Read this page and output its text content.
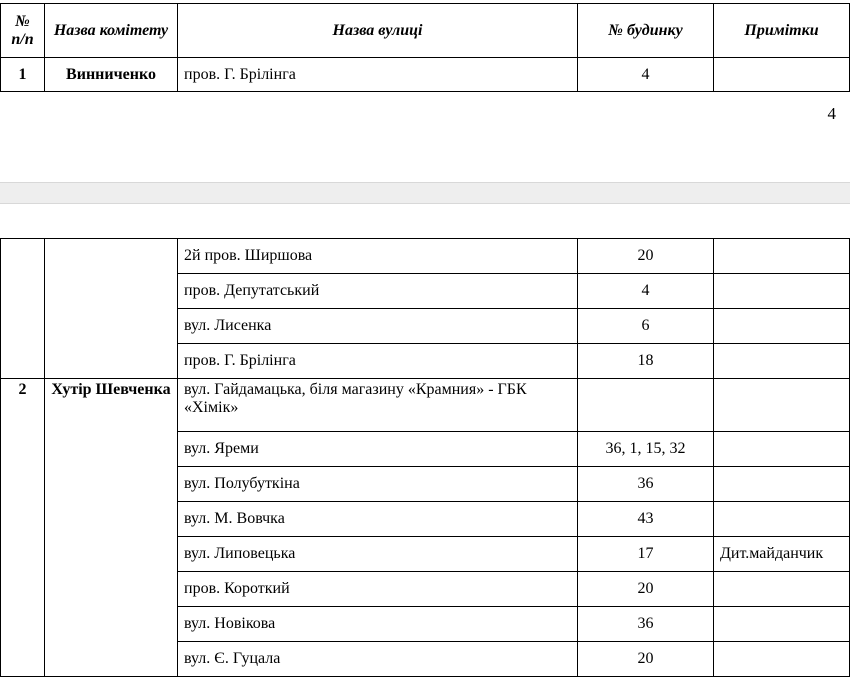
№ п/п	Назва комітету	Назва вулиці	№ будинку	Примітки
1	Винниченко	пров. Г. Брілінга	4	
4
		2й пров. Ширшова	20	
		пров. Депутатський	4	
		вул. Лисенка	6	
		пров. Г. Брілінга	18	
2	Хутір Шевченка	вул. Гайдамацька, біля магазину «Крамния» - ГБК «Хімік»		
		вул. Яреми	36, 1, 15, 32	
		вул. Полубуткіна	36	
		вул. М. Вовчка	43	
		вул. Липовецька	17	Дит.майданчик
		пров. Короткий	20	
		вул. Новікова	36	
		вул. Є. Гуцала	20	
